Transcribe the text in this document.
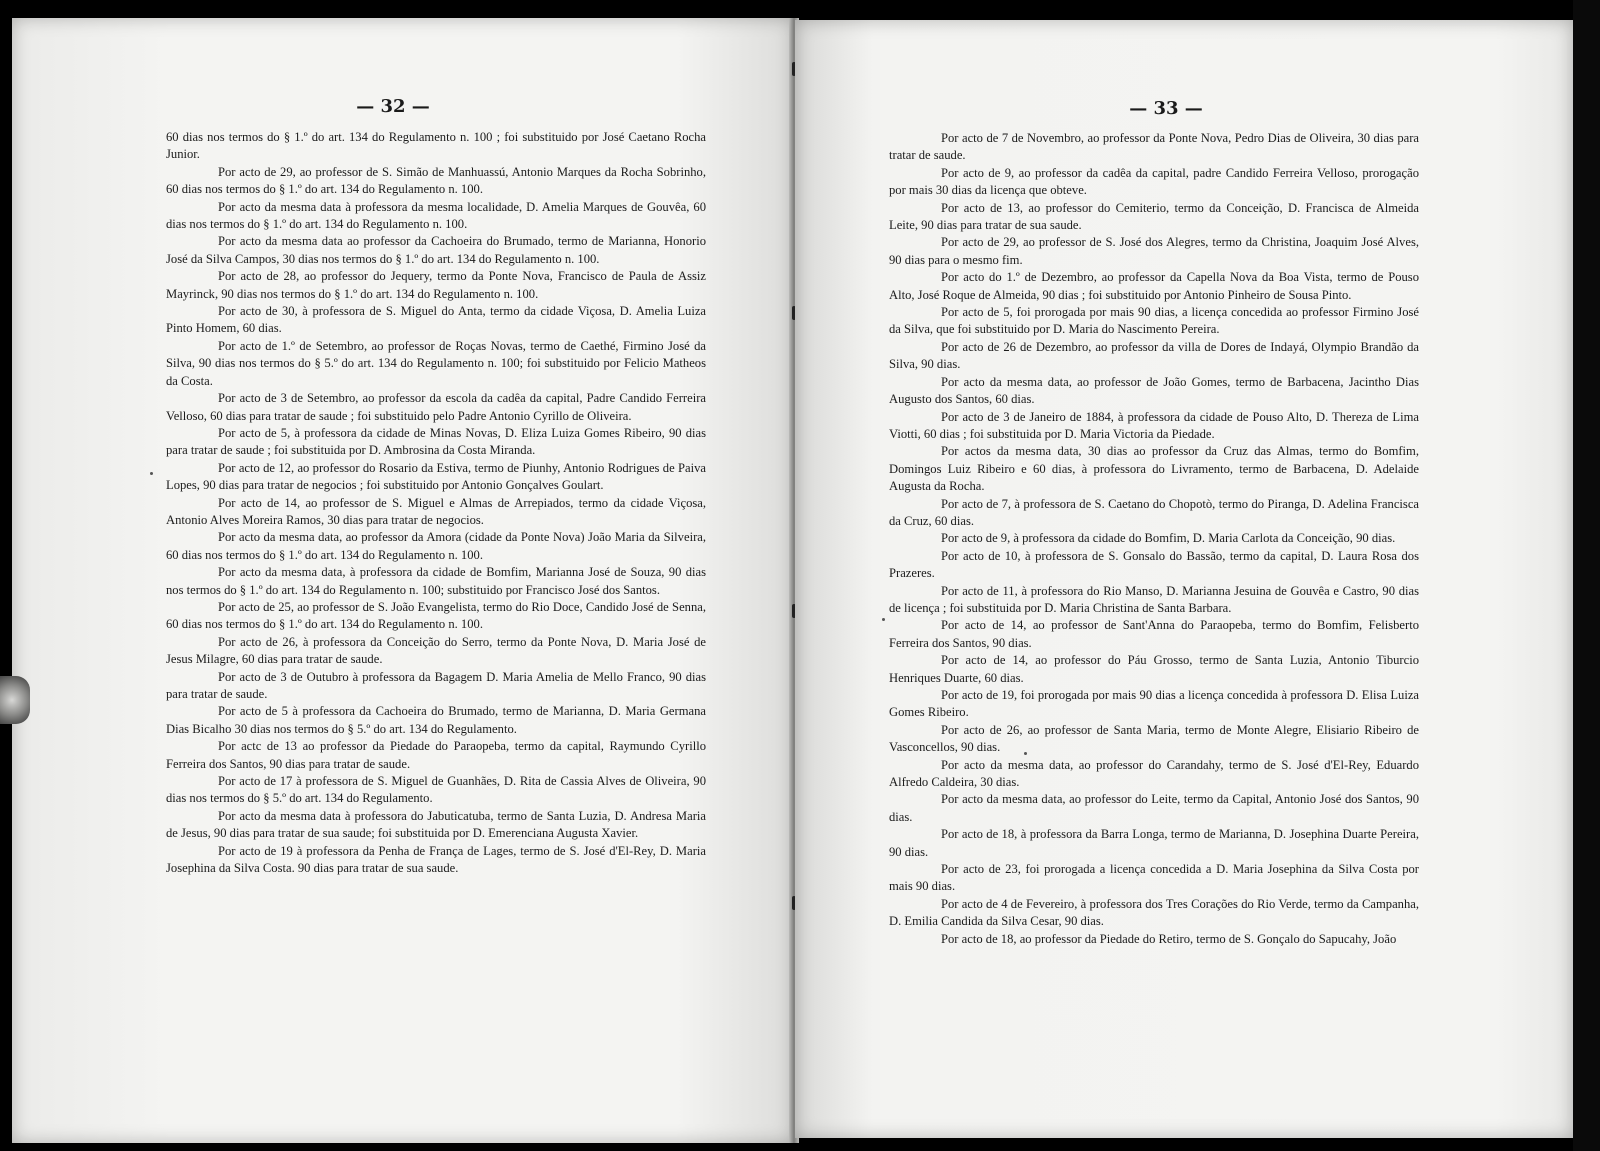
— 32 —

60 dias nos termos do § 1.º do art. 134 do Regulamento n. 100 ; foi substituido por José Caetano Rocha Junior.

Por acto de 29, ao professor de S. Simão de Manhuassú, Antonio Marques da Rocha Sobrinho, 60 dias nos termos do § 1.º do art. 134 do Regulamento n. 100.

Por acto da mesma data à professora da mesma localidade, D. Amelia Marques de Gouvêa, 60 dias nos termos do § 1.º do art. 134 do Regulamento n. 100.

Por acto da mesma data ao professor da Cachoeira do Brumado, termo de Marianna, Honorio José da Silva Campos, 30 dias nos termos do § 1.º do art. 134 do Regulamento n. 100.

Por acto de 28, ao professor do Jequery, termo da Ponte Nova, Francisco de Paula de Assiz Mayrinck, 90 dias nos termos do § 1.º do art. 134 do Regulamento n. 100.

Por acto de 30, à professora de S. Miguel do Anta, termo da cidade Viçosa, D. Amelia Luiza Pinto Homem, 60 dias.

Por acto de 1.º de Setembro, ao professor de Roças Novas, termo de Caethé, Firmino José da Silva, 90 dias nos termos do § 5.º do art. 134 do Regulamento n. 100; foi substituido por Felicio Matheos da Costa.

Por acto de 3 de Setembro, ao professor da escola da cadêa da capital, Padre Candido Ferreira Velloso, 60 dias para tratar de saude ; foi substituido pelo Padre Antonio Cyrillo de Oliveira.

Por acto de 5, à professora da cidade de Minas Novas, D. Eliza Luiza Gomes Ribeiro, 90 dias para tratar de saude ; foi substituida por D. Ambrosina da Costa Miranda.

Por acto de 12, ao professor do Rosario da Estiva, termo de Piunhy, Antonio Rodrigues de Paiva Lopes, 90 dias para tratar de negocios ; foi substituido por Antonio Gonçalves Goulart.

Por acto de 14, ao professor de S. Miguel e Almas de Arrepiados, termo da cidade Viçosa, Antonio Alves Moreira Ramos, 30 dias para tratar de negocios.

Por acto da mesma data, ao professor da Amora (cidade da Ponte Nova) João Maria da Silveira, 60 dias nos termos do § 1.º do art. 134 do Regulamento n. 100.

Por acto da mesma data, à professora da cidade de Bomfim, Marianna José de Souza, 90 dias nos termos do § 1.º do art. 134 do Regulamento n. 100; substituido por Francisco José dos Santos.

Por acto de 25, ao professor de S. João Evangelista, termo do Rio Doce, Candido José de Senna, 60 dias nos termos do § 1.º do art. 134 do Regulamento n. 100.

Por acto de 26, à professora da Conceição do Serro, termo da Ponte Nova, D. Maria José de Jesus Milagre, 60 dias para tratar de saude.

Por acto de 3 de Outubro à professora da Bagagem D. Maria Amelia de Mello Franco, 90 dias para tratar de saude.

Por acto de 5 à professora da Cachoeira do Brumado, termo de Marianna, D. Maria Germana Dias Bicalho 30 dias nos termos do § 5.º do art. 134 do Regulamento.

Por actc de 13 ao professor da Piedade do Paraopeba, termo da capital, Raymundo Cyrillo Ferreira dos Santos, 90 dias para tratar de saude.

Por acto de 17 à professora de S. Miguel de Guanhães, D. Rita de Cassia Alves de Oliveira, 90 dias nos termos do § 5.º do art. 134 do Regulamento.

Por acto da mesma data à professora do Jabuticatuba, termo de Santa Luzia, D. Andresa Maria de Jesus, 90 dias para tratar de sua saude; foi substituida por D. Emerenciana Augusta Xavier.

Por acto de 19 à professora da Penha de França de Lages, termo de S. José d'El-Rey, D. Maria Josephina da Silva Costa. 90 dias para tratar de sua saude.

— 33 —

Por acto de 7 de Novembro, ao professor da Ponte Nova, Pedro Dias de Oliveira, 30 dias para tratar de saude.

Por acto de 9, ao professor da cadêa da capital, padre Candido Ferreira Velloso, prorogação por mais 30 dias da licença que obteve.

Por acto de 13, ao professor do Cemiterio, termo da Conceição, D. Francisca de Almeida Leite, 90 dias para tratar de sua saude.

Por acto de 29, ao professor de S. José dos Alegres, termo da Christina, Joaquim José Alves, 90 dias para o mesmo fim.

Por acto do 1.º de Dezembro, ao professor da Capella Nova da Boa Vista, termo de Pouso Alto, José Roque de Almeida, 90 dias ; foi substituido por Antonio Pinheiro de Sousa Pinto.

Por acto de 5, foi prorogada por mais 90 dias, a licença concedida ao professor Firmino José da Silva, que foi substituido por D. Maria do Nascimento Pereira.

Por acto de 26 de Dezembro, ao professor da villa de Dores de Indayá, Olympio Brandão da Silva, 90 dias.

Por acto da mesma data, ao professor de João Gomes, termo de Barbacena, Jacintho Dias Augusto dos Santos, 60 dias.

Por acto de 3 de Janeiro de 1884, à professora da cidade de Pouso Alto, D. Thereza de Lima Viotti, 60 dias ; foi substituida por D. Maria Victoria da Piedade.

Por actos da mesma data, 30 dias ao professor da Cruz das Almas, termo do Bomfim, Domingos Luiz Ribeiro e 60 dias, à professora do Livramento, termo de Barbacena, D. Adelaide Augusta da Rocha.

Por acto de 7, à professora de S. Caetano do Chopotò, termo do Piranga, D. Adelina Francisca da Cruz, 60 dias.

Por acto de 9, à professora da cidade do Bomfim, D. Maria Carlota da Conceição, 90 dias.

Por acto de 10, à professora de S. Gonsalo do Bassão, termo da capital, D. Laura Rosa dos Prazeres.

Por acto de 11, à professora do Rio Manso, D. Marianna Jesuina de Gouvêa e Castro, 90 dias de licença ; foi substituida por D. Maria Christina de Santa Barbara.

Por acto de 14, ao professor de Sant'Anna do Paraopeba, termo do Bomfim, Felisberto Ferreira dos Santos, 90 dias.

Por acto de 14, ao professor do Páu Grosso, termo de Santa Luzia, Antonio Tiburcio Henriques Duarte, 60 dias.

Por acto de 19, foi prorogada por mais 90 dias a licença concedida à professora D. Elisa Luiza Gomes Ribeiro.

Por acto de 26, ao professor de Santa Maria, termo de Monte Alegre, Elisiario Ribeiro de Vasconcellos, 90 dias.

Por acto da mesma data, ao professor do Carandahy, termo de S. José d'El-Rey, Eduardo Alfredo Caldeira, 30 dias.

Por acto da mesma data, ao professor do Leite, termo da Capital, Antonio José dos Santos, 90 dias.

Por acto de 18, à professora da Barra Longa, termo de Marianna, D. Josephina Duarte Pereira, 90 dias.

Por acto de 23, foi prorogada a licença concedida a D. Maria Josephina da Silva Costa por mais 90 dias.

Por acto de 4 de Fevereiro, à professora dos Tres Corações do Rio Verde, termo da Campanha, D. Emilia Candida da Silva Cesar, 90 dias.

Por acto de 18, ao professor da Piedade do Retiro, termo de S. Gonçalo do Sapucahy, João
